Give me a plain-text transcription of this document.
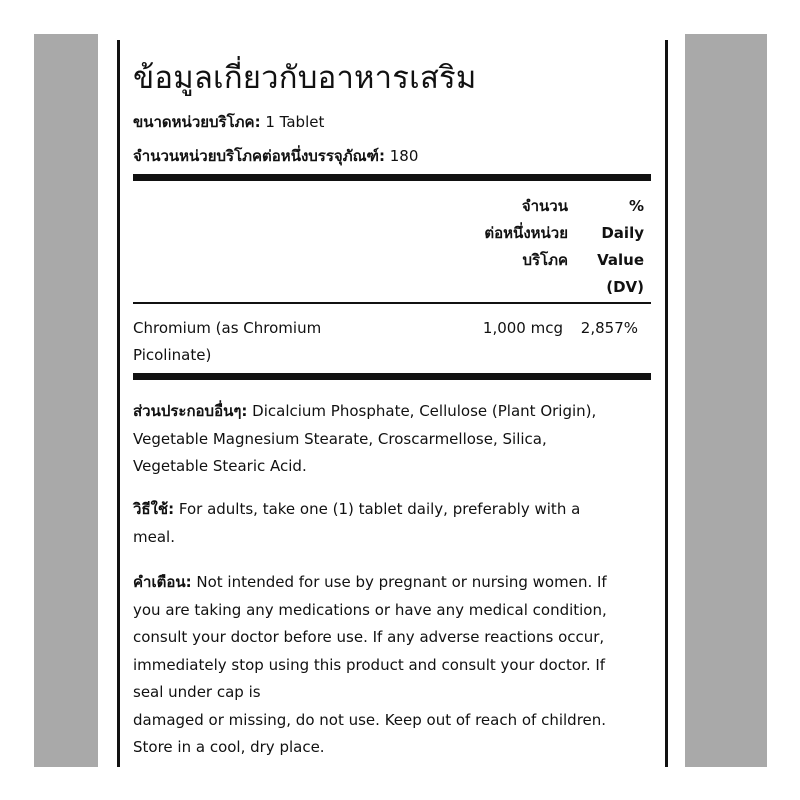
ข้อมูลเกี่ยวกับอาหารเสริม
ขนาดหน่วยบริโภค: 1 Tablet
จำนวนหน่วยบริโภคต่อหนึ่งบรรจุภัณฑ์: 180
จำนวน
ต่อหนึ่งหน่วย
บริโภค
%
Daily
Value
(DV)
Chromium (as Chromium
Picolinate)
1,000 mcg	2,857%
ส่วนประกอบอื่นๆ: Dicalcium Phosphate, Cellulose (Plant Origin),
Vegetable Magnesium Stearate, Croscarmellose, Silica,
Vegetable Stearic Acid.
วิธีใช้: For adults, take one (1) tablet daily, preferably with a
meal.
คำเตือน: Not intended for use by pregnant or nursing women. If
you are taking any medications or have any medical condition,
consult your doctor before use. If any adverse reactions occur,
immediately stop using this product and consult your doctor. If
seal under cap is
damaged or missing, do not use. Keep out of reach of children.
Store in a cool, dry place.
